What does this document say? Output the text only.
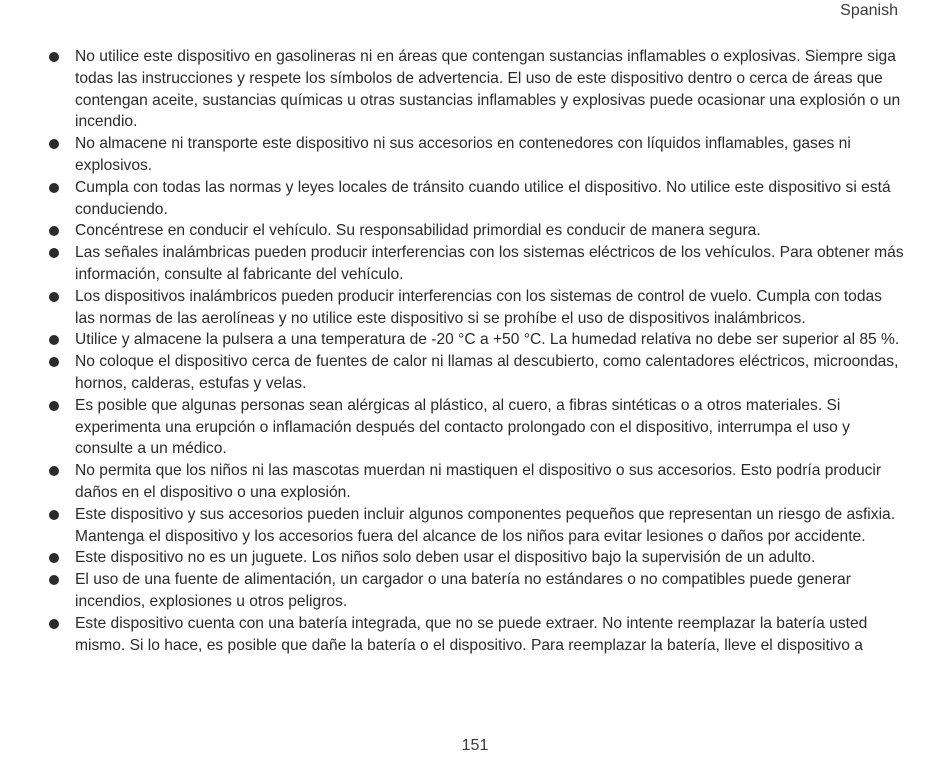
Spanish
No utilice este dispositivo en gasolineras ni en áreas que contengan sustancias inflamables o explosivas. Siempre siga todas las instrucciones y respete los símbolos de advertencia. El uso de este dispositivo dentro o cerca de áreas que contengan aceite, sustancias químicas u otras sustancias inflamables y explosivas puede ocasionar una explosión o un incendio.
No almacene ni transporte este dispositivo ni sus accesorios en contenedores con líquidos inflamables, gases ni explosivos.
Cumpla con todas las normas y leyes locales de tránsito cuando utilice el dispositivo. No utilice este dispositivo si está conduciendo.
Concéntrese en conducir el vehículo. Su responsabilidad primordial es conducir de manera segura.
Las señales inalámbricas pueden producir interferencias con los sistemas eléctricos de los vehículos. Para obtener más información, consulte al fabricante del vehículo.
Los dispositivos inalámbricos pueden producir interferencias con los sistemas de control de vuelo. Cumpla con todas las normas de las aerolíneas y no utilice este dispositivo si se prohíbe el uso de dispositivos inalámbricos.
Utilice y almacene la pulsera a una temperatura de -20 °C a +50 °C. La humedad relativa no debe ser superior al 85 %.
No coloque el dispositivo cerca de fuentes de calor ni llamas al descubierto, como calentadores eléctricos, microondas, hornos, calderas, estufas y velas.
Es posible que algunas personas sean alérgicas al plástico, al cuero, a fibras sintéticas o a otros materiales. Si experimenta una erupción o inflamación después del contacto prolongado con el dispositivo, interrumpa el uso y consulte a un médico.
No permita que los niños ni las mascotas muerdan ni mastiquen el dispositivo o sus accesorios. Esto podría producir daños en el dispositivo o una explosión.
Este dispositivo y sus accesorios pueden incluir algunos componentes pequeños que representan un riesgo de asfixia. Mantenga el dispositivo y los accesorios fuera del alcance de los niños para evitar lesiones o daños por accidente.
Este dispositivo no es un juguete. Los niños solo deben usar el dispositivo bajo la supervisión de un adulto.
El uso de una fuente de alimentación, un cargador o una batería no estándares o no compatibles puede generar incendios, explosiones u otros peligros.
Este dispositivo cuenta con una batería integrada, que no se puede extraer. No intente reemplazar la batería usted mismo. Si lo hace, es posible que dañe la batería o el dispositivo. Para reemplazar la batería, lleve el dispositivo a
151
